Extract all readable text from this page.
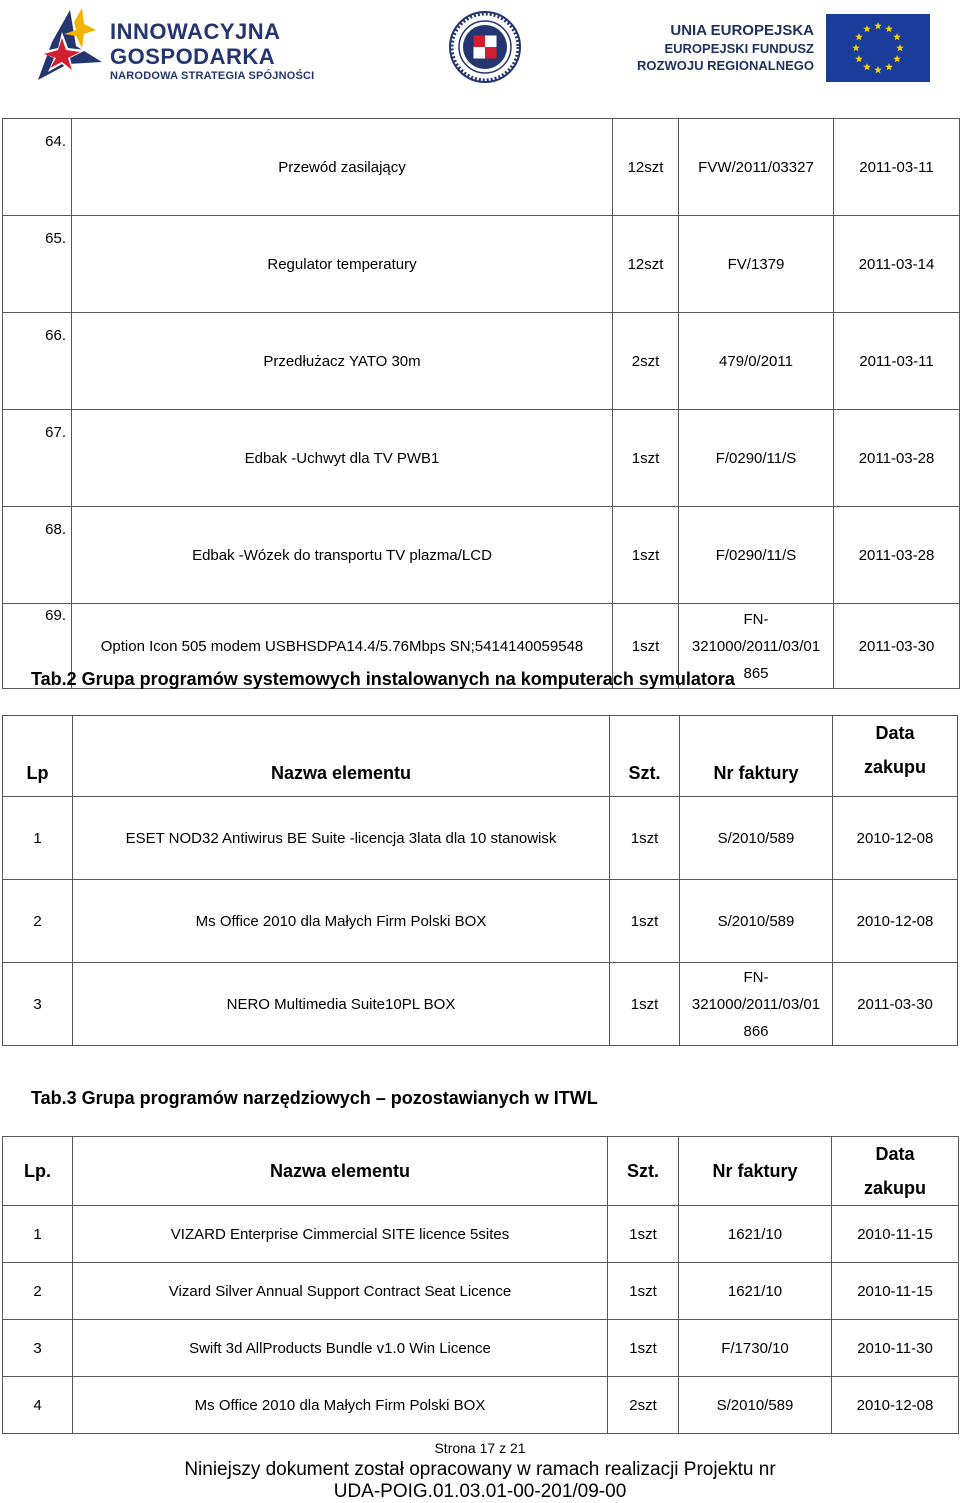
INNOWACYJNA
GOSPODARKA
NARODOWA STRATEGIA SPÓJNOŚCI
UNIA EUROPEJSKA
EUROPEJSKI FUNDUSZ
ROZWOJU REGIONALNEGO
64.	Przewód zasilający	12szt	FVW/2011/03327	2011-03-11
65.	Regulator temperatury	12szt	FV/1379	2011-03-14
66.	Przedłużacz YATO 30m	2szt	479/0/2011	2011-03-11
67.	Edbak -Uchwyt dla TV PWB1	1szt	F/0290/11/S	2011-03-28
68.	Edbak -Wózek do transportu TV plazma/LCD	1szt	F/0290/11/S	2011-03-28
69.	Option Icon 505 modem USBHSDPA14.4/5.76Mbps SN;5414140059548	1szt	FN-
321000/2011/03/01
865	2011-03-30
Tab.2 Grupa programów systemowych instalowanych na komputerach symulatora
Lp	Nazwa elementu	Szt.	Nr faktury	Data
zakupu

1	ESET NOD32 Antiwirus BE Suite -licencja 3lata dla 10 stanowisk	1szt	S/2010/589	2010-12-08
2	Ms Office 2010 dla Małych Firm Polski BOX	1szt	S/2010/589	2010-12-08
3	NERO Multimedia Suite10PL BOX	1szt	FN-
321000/2011/03/01
866	2011-03-30
Tab.3 Grupa programów narzędziowych – pozostawianych w ITWL
Lp.	Nazwa elementu	Szt.	Nr faktury	Data
zakupu

1	VIZARD Enterprise Cimmercial SITE licence 5sites	1szt	1621/10	2010-11-15
2	Vizard Silver Annual Support Contract Seat Licence	1szt	1621/10	2010-11-15
3	Swift 3d AllProducts Bundle v1.0 Win Licence	1szt	F/1730/10	2010-11-30
4	Ms Office 2010 dla Małych Firm Polski BOX	2szt	S/2010/589	2010-12-08
Strona 17 z 21
Niniejszy dokument został opracowany w ramach realizacji Projektu nr
UDA-POIG.01.03.01-00-201/09-00
